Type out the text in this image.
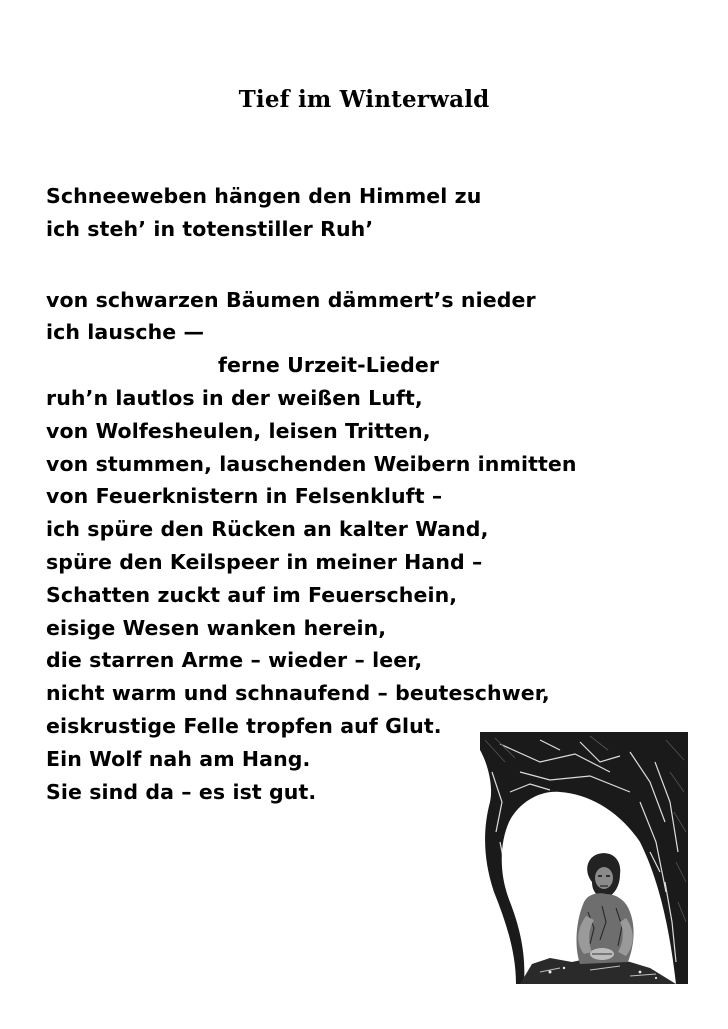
Tief im Winterwald
Schneeweben hängen den Himmel zu
ich steh’ in totenstiller Ruh’
von schwarzen Bäumen dämmert’s nieder
ich lausche —
ferne Urzeit-Lieder
ruh’n lautlos in der weißen Luft,
von Wolfesheulen, leisen Tritten,
von stummen, lauschenden Weibern inmitten
von Feuerknistern in Felsenkluft –
ich spüre den Rücken an kalter Wand,
spüre den Keilspeer in meiner Hand –
Schatten zuckt auf im Feuerschein,
eisige Wesen wanken herein,
die starren Arme – wieder – leer,
nicht warm und schnaufend – beuteschwer,
eiskrustige Felle tropfen auf Glut.
Ein Wolf nah am Hang.
Sie sind da – es ist gut.
